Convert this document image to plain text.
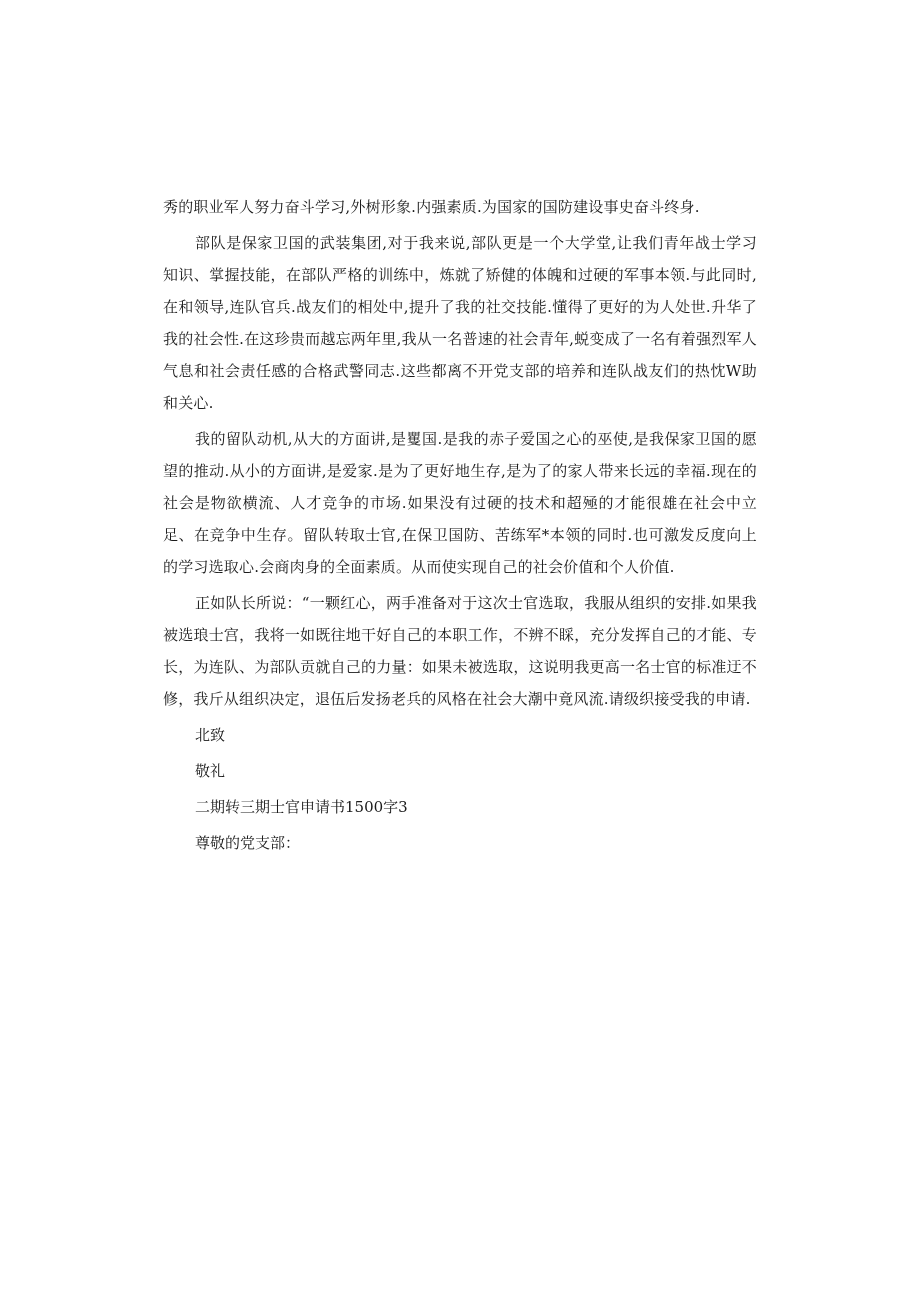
秀的职业军人努力奋斗学习,外树形象.内强素质.为国家的国防建设事史奋斗终身.

部队是保家卫国的武装集团,对于我来说,部队更是一个大学堂,让我们青年战士学习知识、掌握技能，在部队严格的训练中，炼就了矫健的体魄和过硬的军事本领.与此同时,在和领导,连队官兵.战友们的相处中,提升了我的社交技能.懂得了更好的为人处世.升华了我的社会性.在这珍贵而越忘两年里,我从一名普速的社会青年,蜕变成了一名有着强烈军人气息和社会责任感的合格武警同志.这些都离不开党支部的培养和连队战友们的热忱W助和关心.

我的留队动机,从大的方面讲,是矍国.是我的赤子爱国之心的巫使,是我保家卫国的愿望的推动.从小的方面讲,是爱家.是为了更好地生存,是为了的家人带来长远的幸福.现在的社会是物欲横流、人才竞争的市场.如果没有过硬的技术和超殛的才能很雄在社会中立足、在竞争中生存。留队转取士官,在保卫国防、苦练军*本领的同时.也可激发反度向上的学习选取心.会商肉身的全面素质。从而使实现自己的社会价值和个人价值.

正如队长所说：“一颗红心，两手准备对于这次士官选取，我服从组织的安排.如果我被选琅士宫，我将一如既往地干好自己的本职工作，不辨不睬，充分发挥自己的才能、专长，为连队、为部队贡就自己的力量：如果未被选取，这说明我更高一名士官的标准迂不修，我斤从组织决定，退伍后发扬老兵的风格在社会大潮中竟风流.请级织接受我的申请.

北致

敬礼

二期转三期士官申请书1500字3

尊敬的党支部：
